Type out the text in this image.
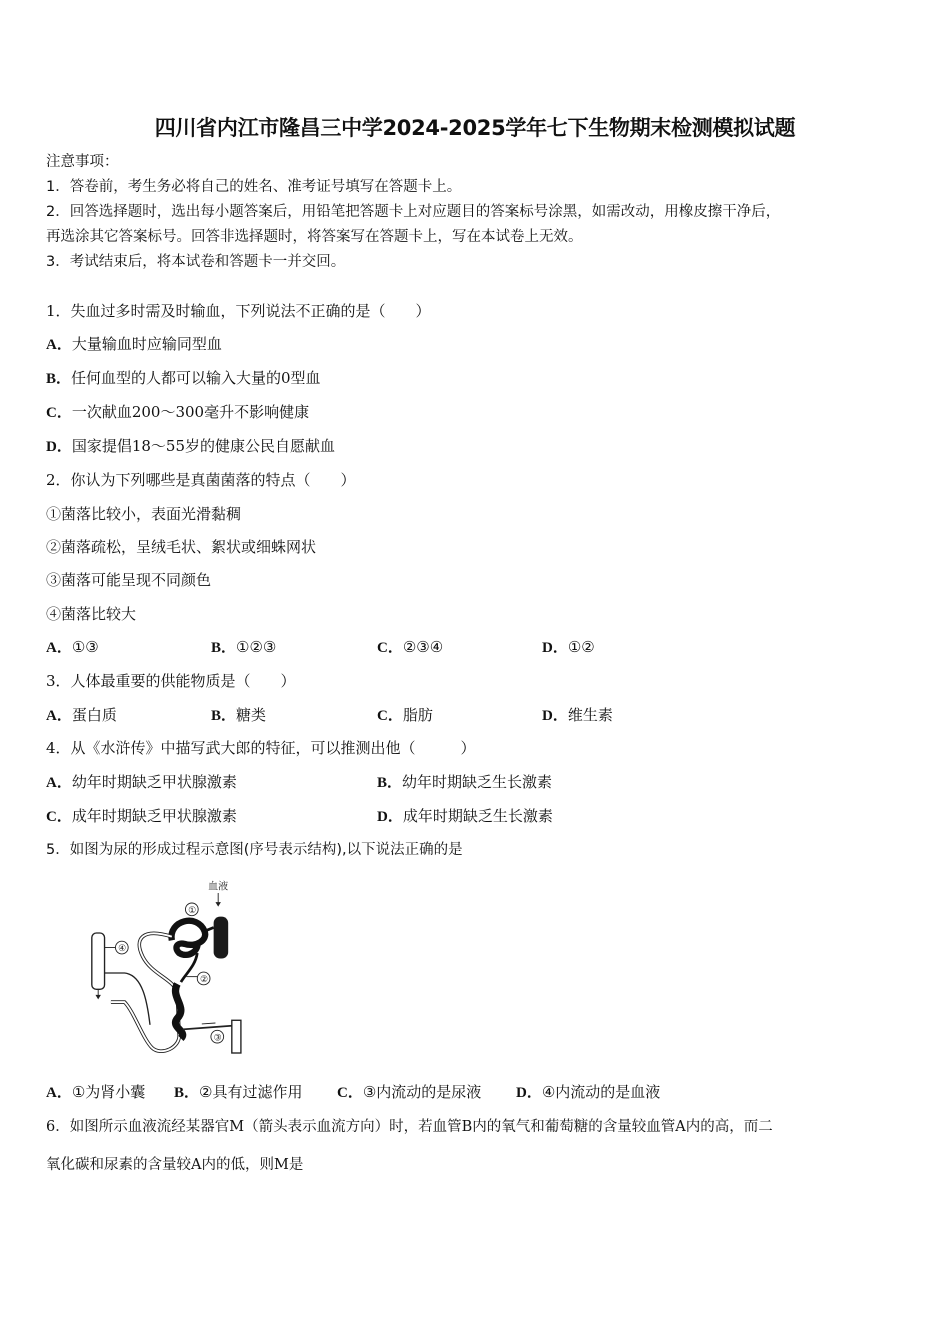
四川省内江市隆昌三中学2024-2025学年七下生物期末检测模拟试题
注意事项：
1．答卷前，考生务必将自己的姓名、准考证号填写在答题卡上。
2．回答选择题时，选出每小题答案后，用铅笔把答题卡上对应题目的答案标号涂黑，如需改动，用橡皮擦干净后，
再选涂其它答案标号。回答非选择题时，将答案写在答题卡上，写在本试卷上无效。
3．考试结束后，将本试卷和答题卡一并交回。
1．失血过多时需及时输血，下列说法不正确的是（　　）
A．大量输血时应输同型血
B．任何血型的人都可以输入大量的0型血
C．一次献血200～300毫升不影响健康
D．国家提倡18～55岁的健康公民自愿献血
2．你认为下列哪些是真菌菌落的特点（　　）
①菌落比较小，表面光滑黏稠
②菌落疏松，呈绒毛状、絮状或细蛛网状
③菌落可能呈现不同颜色
④菌落比较大
A．①③	B．①②③	C．②③④	D．①②
3．人体最重要的供能物质是（　　）
A．蛋白质	B．糖类	C．脂肪	D．维生素
4．从《水浒传》中描写武大郎的特征，可以推测出他（　　　）
A．幼年时期缺乏甲状腺激素	B．幼年时期缺乏生长激素
C．成年时期缺乏甲状腺激素	D．成年时期缺乏生长激素
5．如图为尿的形成过程示意图(序号表示结构),以下说法正确的是
血液
①
②
④
③
A．①为肾小囊 B．②具有过滤作用 C．③内流动的是尿液 D．④内流动的是血液
6．如图所示血液流经某器官M（箭头表示血流方向）时，若血管B内的氧气和葡萄糖的含量较血管A内的高，而二
氧化碳和尿素的含量较A内的低，则M是
